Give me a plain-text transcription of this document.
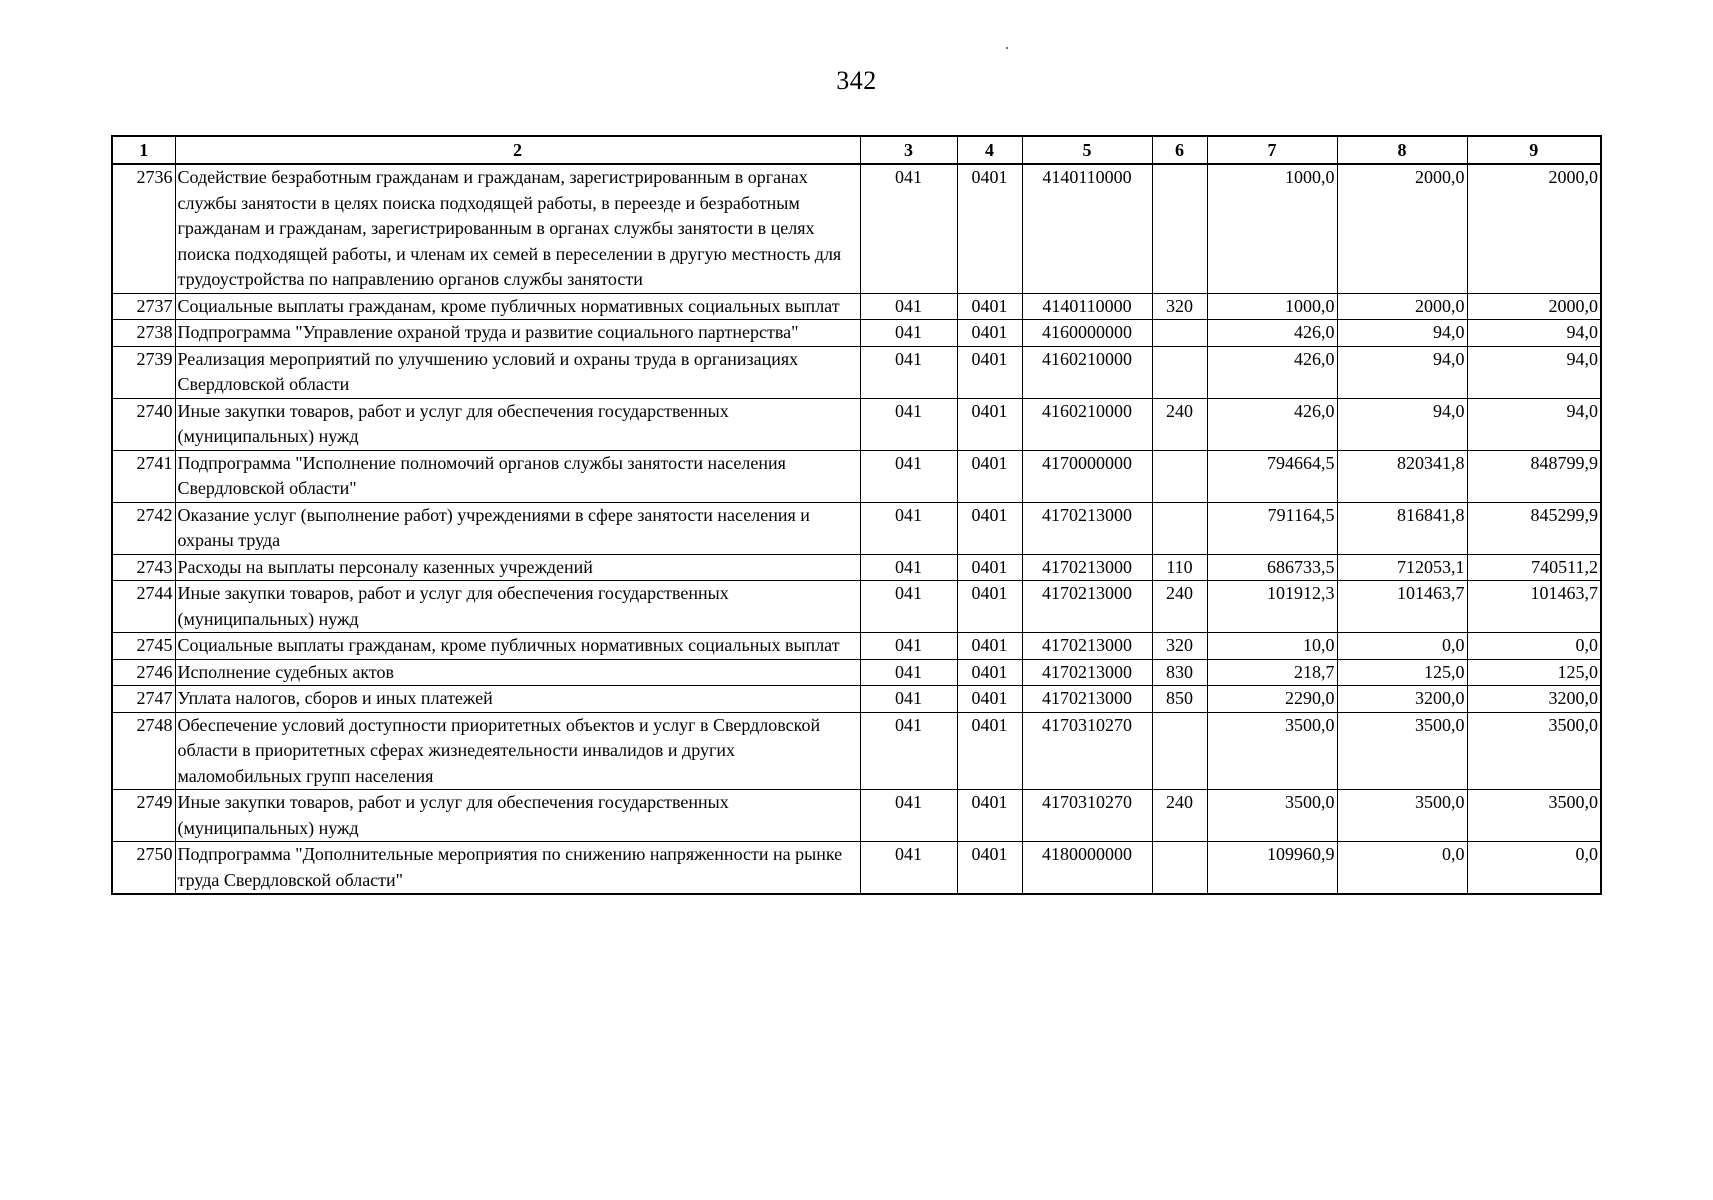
342
1	2	3	4	5	6	7	8	9
2736	Содействие безработным гражданам и гражданам, зарегистрированным в органах службы занятости в целях поиска подходящей работы, в переезде и безработным гражданам и гражданам, зарегистрированным в органах службы занятости в целях поиска подходящей работы, и членам их семей в переселении в другую местность для трудоустройства по направлению органов службы занятости	041	0401	4140110000		1000,0	2000,0	2000,0
2737	Социальные выплаты гражданам, кроме публичных нормативных социальных выплат	041	0401	4140110000	320	1000,0	2000,0	2000,0
2738	Подпрограмма "Управление охраной труда и развитие социального партнерства"	041	0401	4160000000		426,0	94,0	94,0
2739	Реализация мероприятий по улучшению условий и охраны труда в организациях Свердловской области	041	0401	4160210000		426,0	94,0	94,0
2740	Иные закупки товаров, работ и услуг для обеспечения государственных (муниципальных) нужд	041	0401	4160210000	240	426,0	94,0	94,0
2741	Подпрограмма "Исполнение полномочий органов службы занятости населения Свердловской области"	041	0401	4170000000		794664,5	820341,8	848799,9
2742	Оказание услуг (выполнение работ) учреждениями в сфере занятости населения и охраны труда	041	0401	4170213000		791164,5	816841,8	845299,9
2743	Расходы на выплаты персоналу казенных учреждений	041	0401	4170213000	110	686733,5	712053,1	740511,2
2744	Иные закупки товаров, работ и услуг для обеспечения государственных (муниципальных) нужд	041	0401	4170213000	240	101912,3	101463,7	101463,7
2745	Социальные выплаты гражданам, кроме публичных нормативных социальных выплат	041	0401	4170213000	320	10,0	0,0	0,0
2746	Исполнение судебных актов	041	0401	4170213000	830	218,7	125,0	125,0
2747	Уплата налогов, сборов и иных платежей	041	0401	4170213000	850	2290,0	3200,0	3200,0
2748	Обеспечение условий доступности приоритетных объектов и услуг в Свердловской области в приоритетных сферах жизнедеятельности инвалидов и других маломобильных групп населения	041	0401	4170310270		3500,0	3500,0	3500,0
2749	Иные закупки товаров, работ и услуг для обеспечения государственных (муниципальных) нужд	041	0401	4170310270	240	3500,0	3500,0	3500,0
2750	Подпрограмма "Дополнительные мероприятия по снижению напряженности на рынке труда Свердловской области"	041	0401	4180000000		109960,9	0,0	0,0
